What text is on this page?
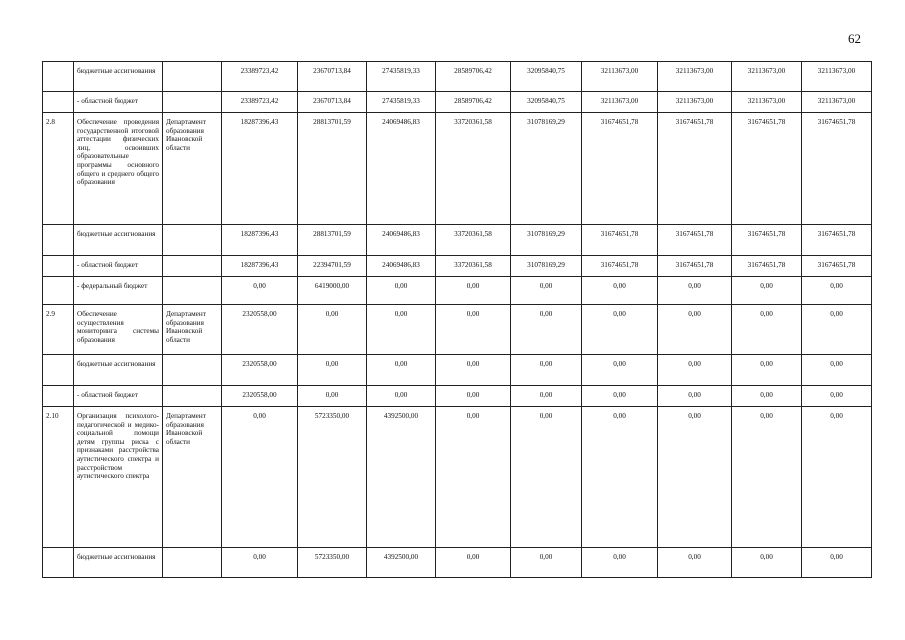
62
	бюджетные ассигнования		23389723,42	23670713,84	27435819,33	28589706,42	32095840,75	32113673,00	32113673,00	32113673,00	32113673,00
	- областной бюджет		23389723,42	23670713,84	27435819,33	28589706,42	32095840,75	32113673,00	32113673,00	32113673,00	32113673,00
2.8	Обеспечение проведения государственной итоговой аттестации физических лиц, освоивших образовательные программы основного общего и среднего общего образования	Департамент образования Ивановской области	18287396,43	28813701,59	24069486,83	33720361,58	31078169,29	31674651,78	31674651,78	31674651,78	31674651,78
	бюджетные ассигнования		18287396,43	28813701,59	24069486,83	33720361,58	31078169,29	31674651,78	31674651,78	31674651,78	31674651,78
	- областной бюджет		18287396,43	22394701,59	24069486,83	33720361,58	31078169,29	31674651,78	31674651,78	31674651,78	31674651,78
	- федеральный бюджет		0,00	6419000,00	0,00	0,00	0,00	0,00	0,00	0,00	0,00
2.9	Обеспечение осуществления мониторинга системы образования	Департамент образования Ивановской области	2320558,00	0,00	0,00	0,00	0,00	0,00	0,00	0,00	0,00
	бюджетные ассигнования		2320558,00	0,00	0,00	0,00	0,00	0,00	0,00	0,00	0,00
	- областной бюджет		2320558,00	0,00	0,00	0,00	0,00	0,00	0,00	0,00	0,00
2.10	Организация психолого-педагогической и медико-социальной помощи детям группы риска с признаками расстройства аутистического спектра и расстройством аутистического спектра	Департамент образования Ивановской области	0,00	5723350,00	4392500,00	0,00	0,00	0,00	0,00	0,00	0,00
	бюджетные ассигнования		0,00	5723350,00	4392500,00	0,00	0,00	0,00	0,00	0,00	0,00
